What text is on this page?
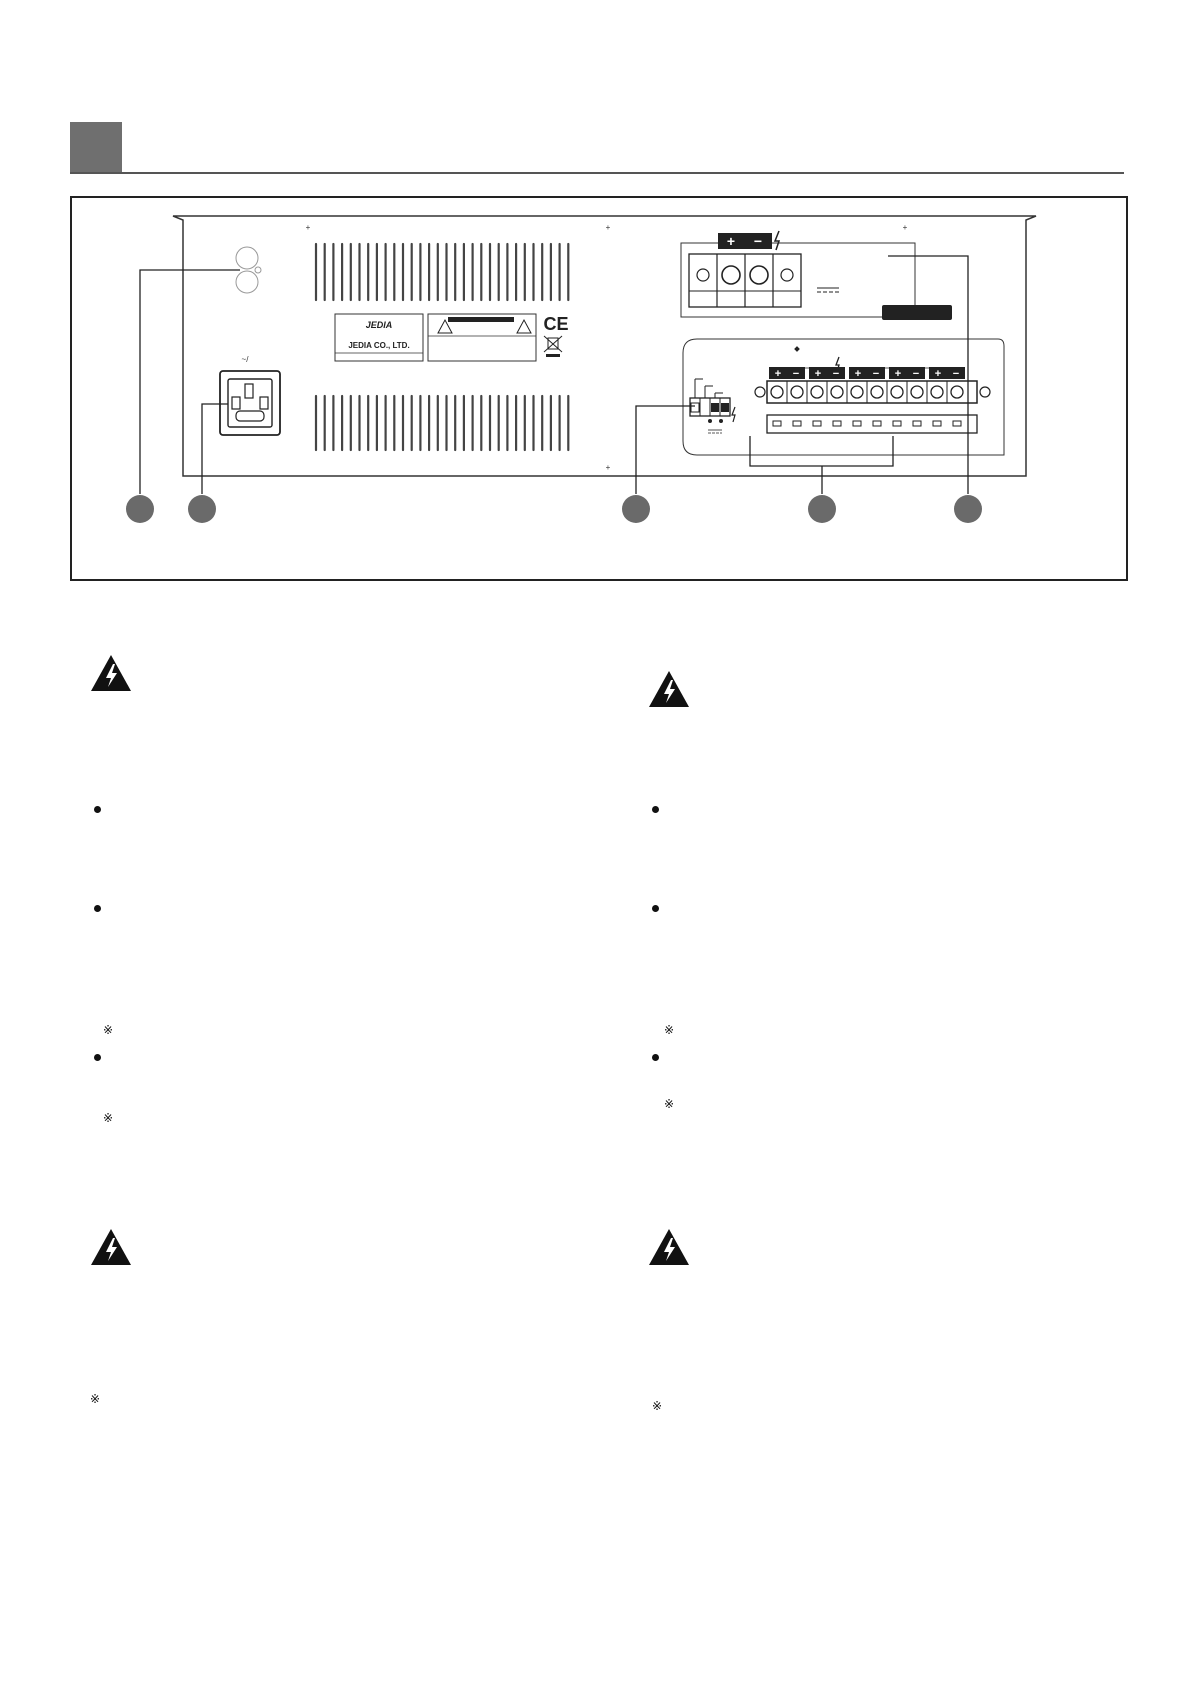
+	+	+
+
~/
JEDIA
JEDIA CO., LTD.
CE
+ −
+ − + − + − + − + −
※
※
※
※
※
※
